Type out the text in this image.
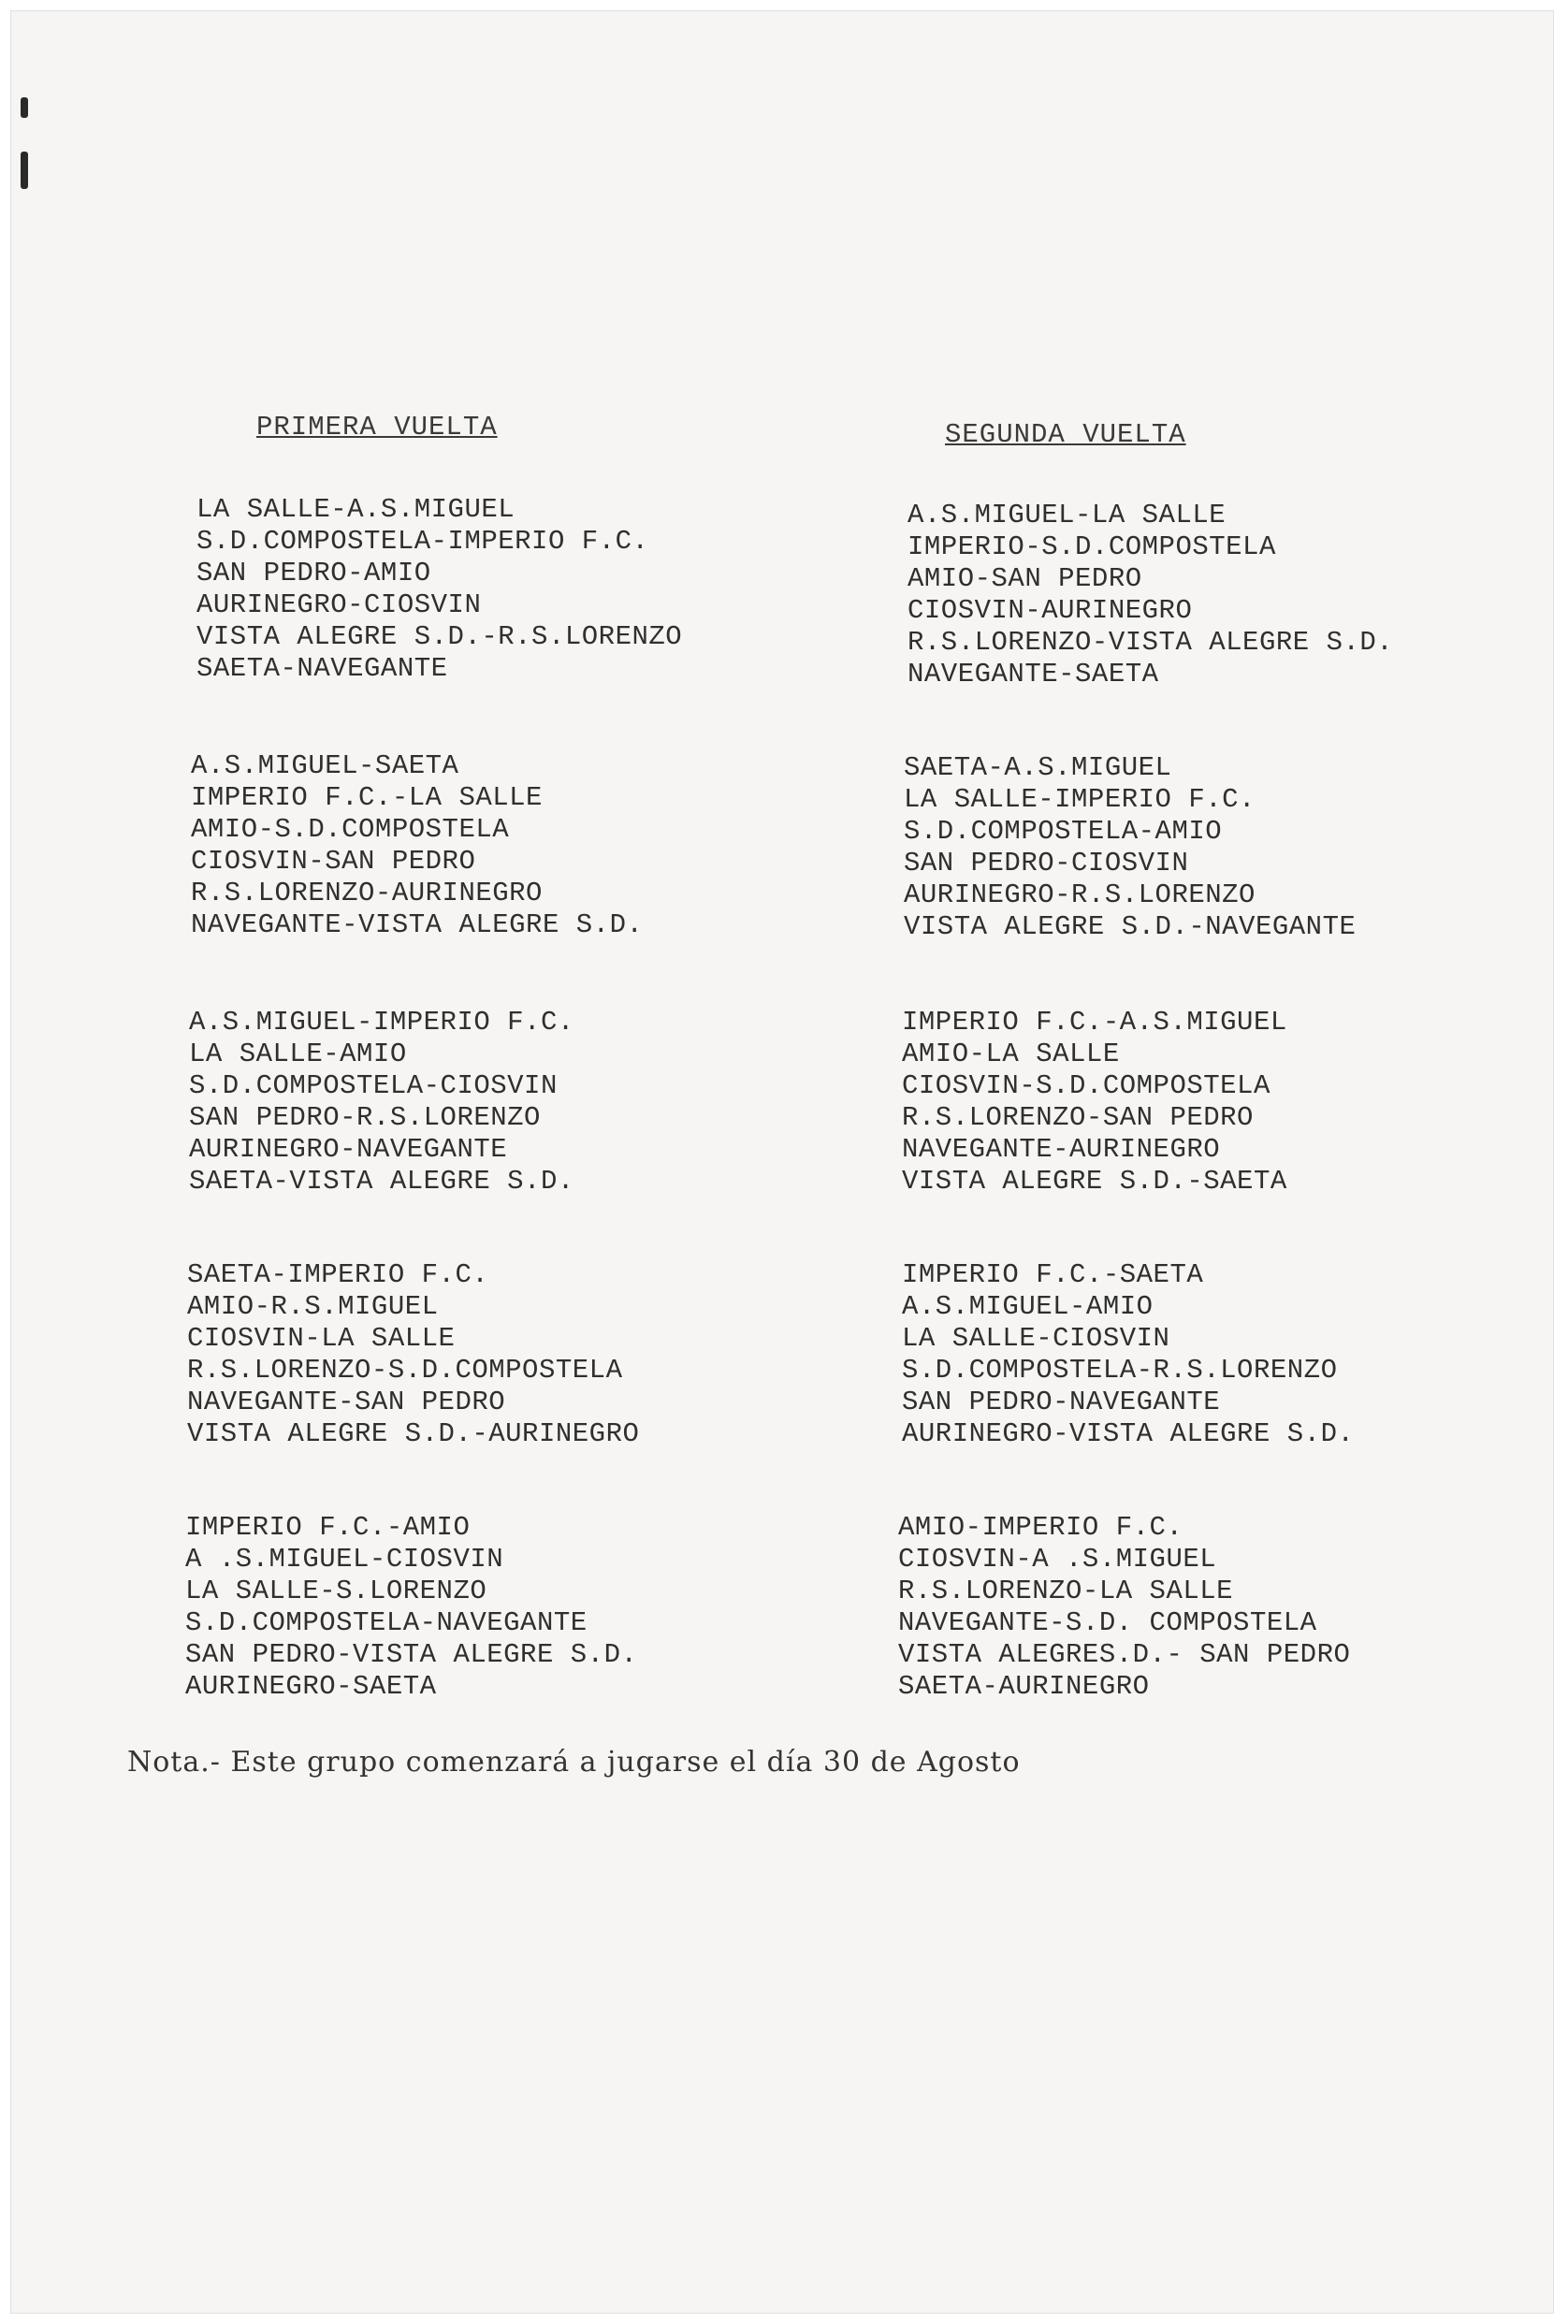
PRIMERA VUELTA	SEGUNDA VUELTA
LA SALLE-A.S.MIGUEL
S.D.COMPOSTELA-IMPERIO F.C.
SAN PEDRO-AMIO
AURINEGRO-CIOSVIN
VISTA ALEGRE S.D.-R.S.LORENZO
SAETA-NAVEGANTE
A.S.MIGUEL-SAETA
IMPERIO F.C.-LA SALLE
AMIO-S.D.COMPOSTELA
CIOSVIN-SAN PEDRO
R.S.LORENZO-AURINEGRO
NAVEGANTE-VISTA ALEGRE S.D.
A.S.MIGUEL-IMPERIO F.C.
LA SALLE-AMIO
S.D.COMPOSTELA-CIOSVIN
SAN PEDRO-R.S.LORENZO
AURINEGRO-NAVEGANTE
SAETA-VISTA ALEGRE S.D.
SAETA-IMPERIO F.C.
AMIO-R.S.MIGUEL
CIOSVIN-LA SALLE
R.S.LORENZO-S.D.COMPOSTELA
NAVEGANTE-SAN PEDRO
VISTA ALEGRE S.D.-AURINEGRO
IMPERIO F.C.-AMIO
A .S.MIGUEL-CIOSVIN
LA SALLE-S.LORENZO
S.D.COMPOSTELA-NAVEGANTE
SAN PEDRO-VISTA ALEGRE S.D.
AURINEGRO-SAETA
A.S.MIGUEL-LA SALLE
IMPERIO-S.D.COMPOSTELA
AMIO-SAN PEDRO
CIOSVIN-AURINEGRO
R.S.LORENZO-VISTA ALEGRE S.D.
NAVEGANTE-SAETA
SAETA-A.S.MIGUEL
LA SALLE-IMPERIO F.C.
S.D.COMPOSTELA-AMIO
SAN PEDRO-CIOSVIN
AURINEGRO-R.S.LORENZO
VISTA ALEGRE S.D.-NAVEGANTE
IMPERIO F.C.-A.S.MIGUEL
AMIO-LA SALLE
CIOSVIN-S.D.COMPOSTELA
R.S.LORENZO-SAN PEDRO
NAVEGANTE-AURINEGRO
VISTA ALEGRE S.D.-SAETA
IMPERIO F.C.-SAETA
A.S.MIGUEL-AMIO
LA SALLE-CIOSVIN
S.D.COMPOSTELA-R.S.LORENZO
SAN PEDRO-NAVEGANTE
AURINEGRO-VISTA ALEGRE S.D.
AMIO-IMPERIO F.C.
CIOSVIN-A .S.MIGUEL
R.S.LORENZO-LA SALLE
NAVEGANTE-S.D. COMPOSTELA
VISTA ALEGRES.D.- SAN PEDRO
SAETA-AURINEGRO
Nota.- Este grupo comenzará a jugarse el día 30 de Agosto
